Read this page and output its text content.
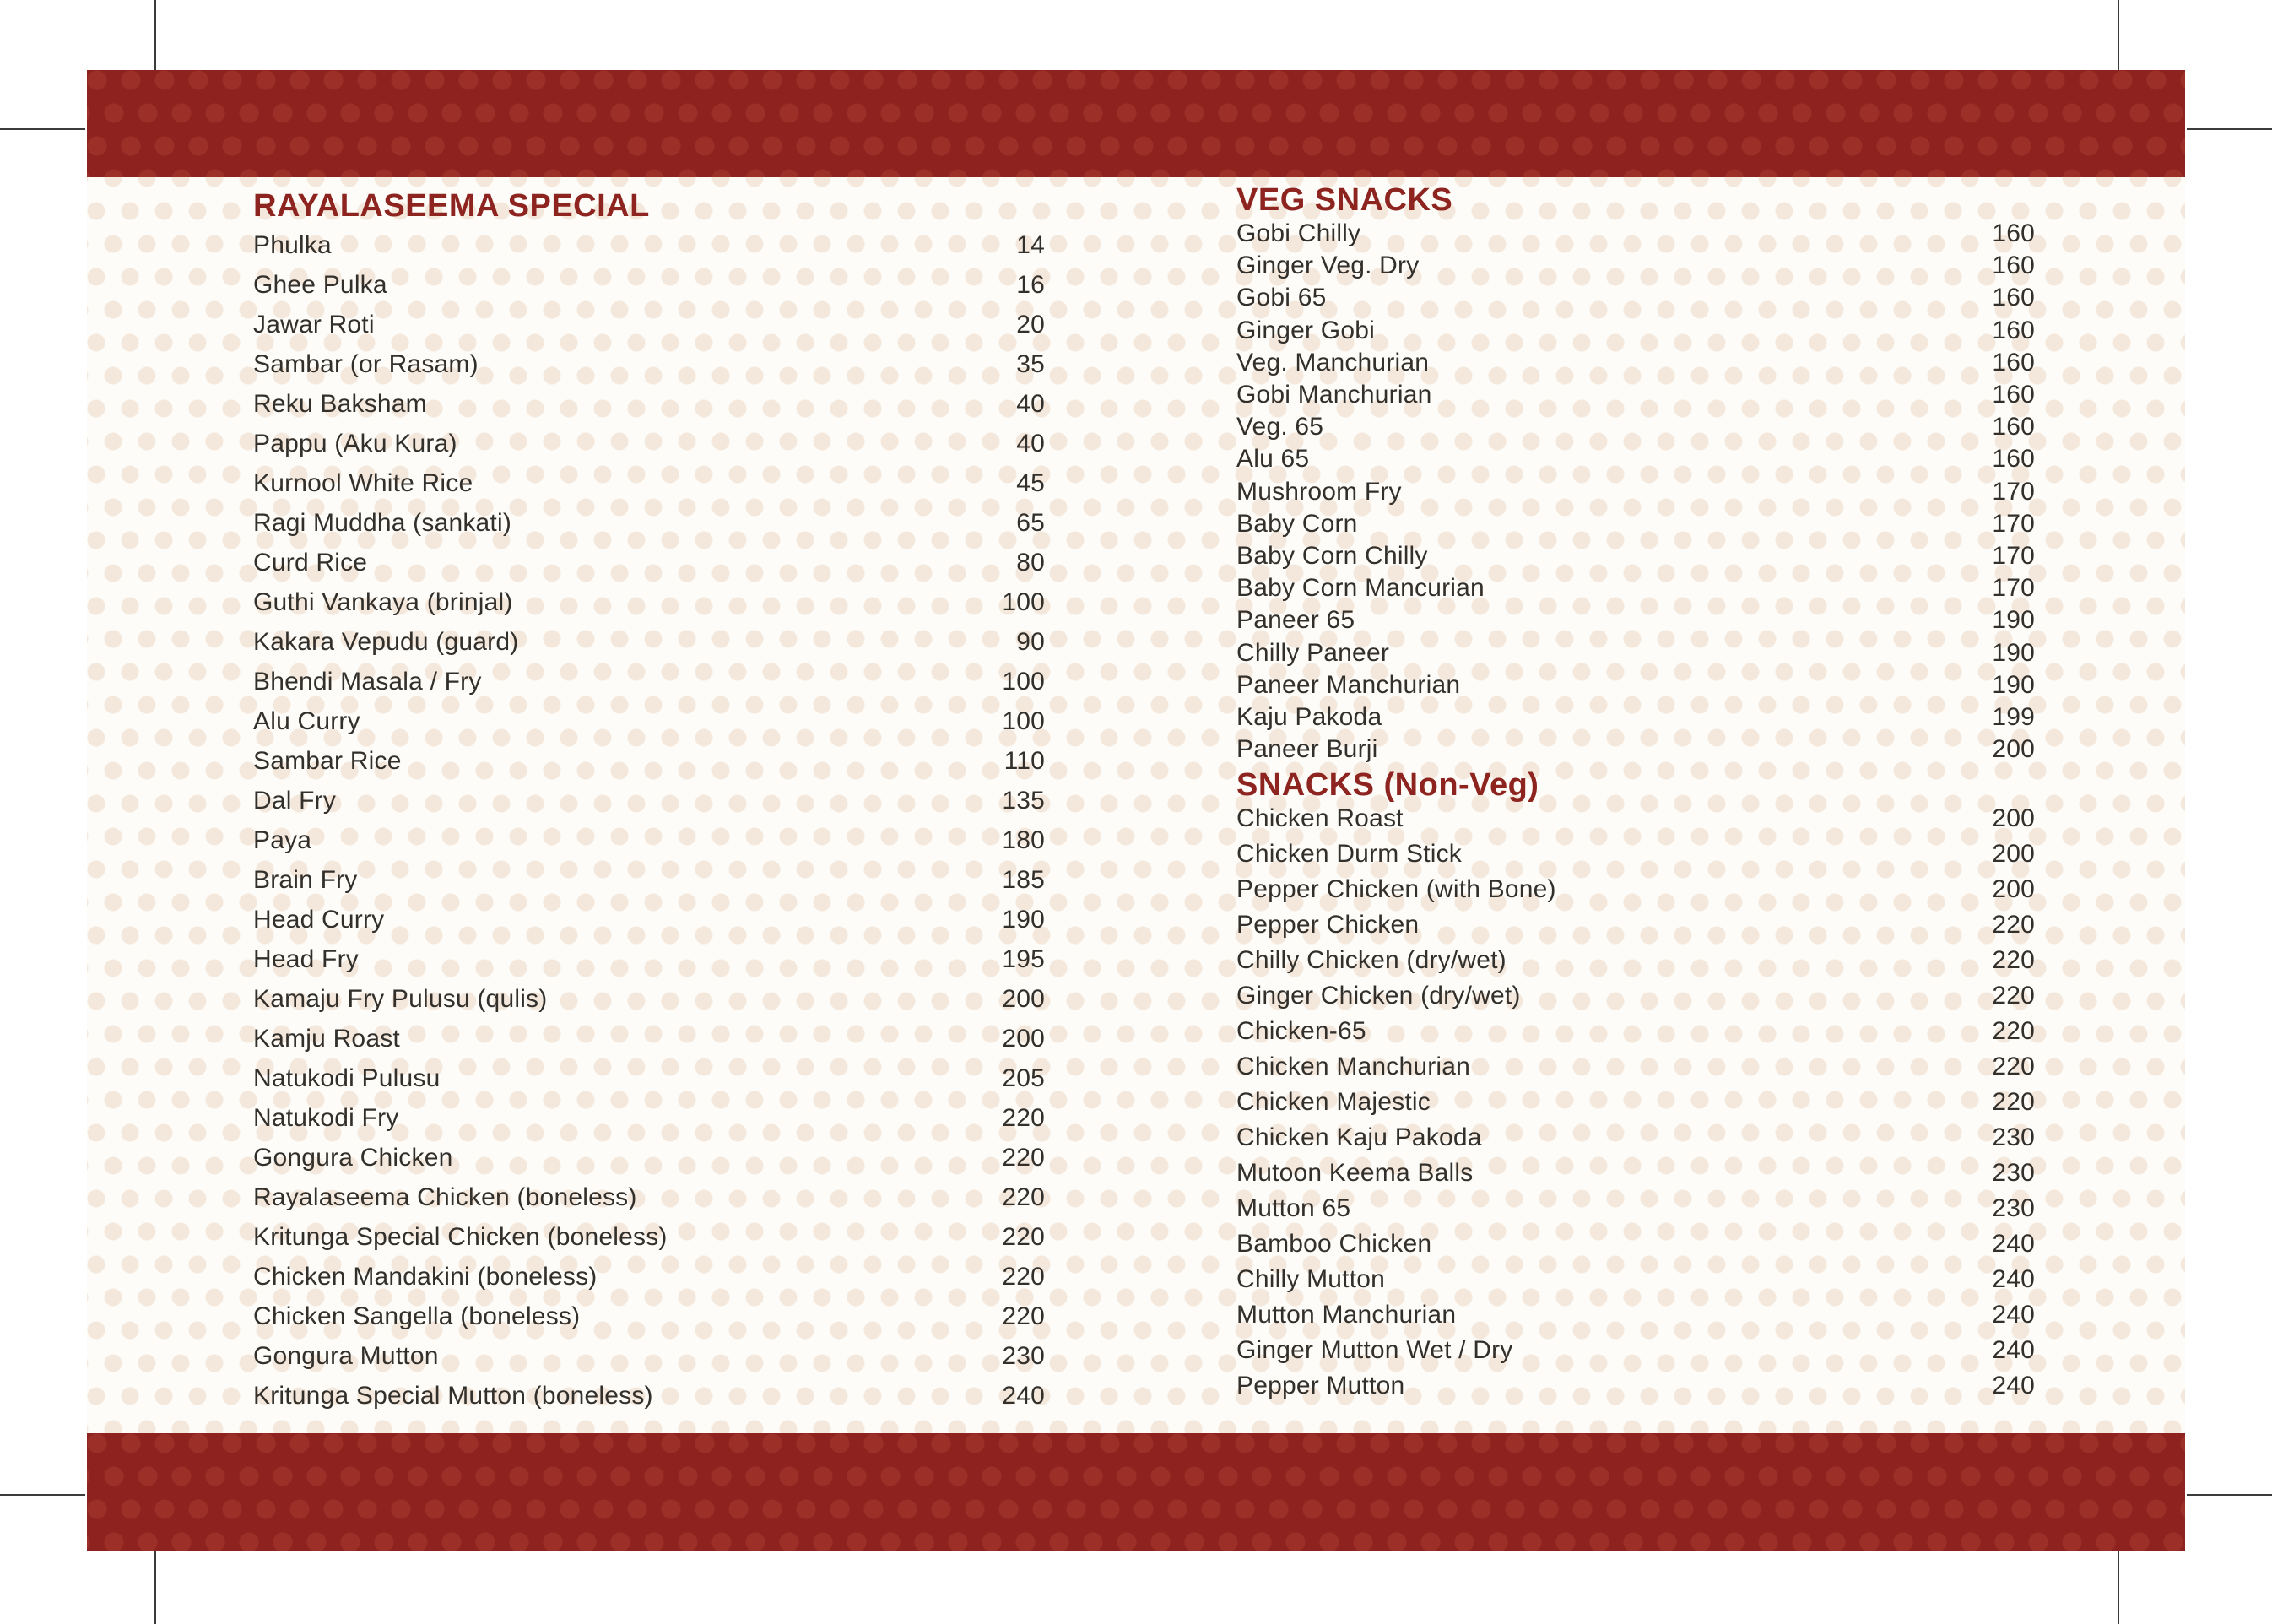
RAYALASEEMA SPECIAL
Phulka	14
Ghee Pulka	16
Jawar Roti	20
Sambar (or Rasam)	35
Reku Baksham	40
Pappu (Aku Kura)	40
Kurnool White Rice	45
Ragi Muddha (sankati)	65
Curd Rice	80
Guthi Vankaya (brinjal)	100
Kakara Vepudu (guard)	90
Bhendi Masala / Fry	100
Alu Curry	100
Sambar Rice	110
Dal Fry	135
Paya	180
Brain Fry	185
Head Curry	190
Head Fry	195
Kamaju Fry Pulusu (qulis)	200
Kamju Roast	200
Natukodi Pulusu	205
Natukodi Fry	220
Gongura Chicken	220
Rayalaseema Chicken (boneless)	220
Kritunga Special Chicken (boneless)	220
Chicken Mandakini (boneless)	220
Chicken Sangella (boneless)	220
Gongura Mutton	230
Kritunga Special Mutton (boneless)	240
VEG SNACKS
Gobi Chilly	160
Ginger Veg. Dry	160
Gobi 65	160
Ginger Gobi	160
Veg. Manchurian	160
Gobi Manchurian	160
Veg. 65	160
Alu 65	160
Mushroom Fry	170
Baby Corn	170
Baby Corn Chilly	170
Baby Corn Mancurian	170
Paneer 65	190
Chilly Paneer	190
Paneer Manchurian	190
Kaju Pakoda	199
Paneer Burji	200
SNACKS (Non-Veg)
Chicken Roast	200
Chicken Durm Stick	200
Pepper Chicken (with Bone)	200
Pepper Chicken	220
Chilly Chicken (dry/wet)	220
Ginger Chicken (dry/wet)	220
Chicken-65	220
Chicken Manchurian	220
Chicken Majestic	220
Chicken Kaju Pakoda	230
Mutoon Keema Balls	230
Mutton 65	230
Bamboo Chicken	240
Chilly Mutton	240
Mutton Manchurian	240
Ginger Mutton Wet / Dry	240
Pepper Mutton	240
